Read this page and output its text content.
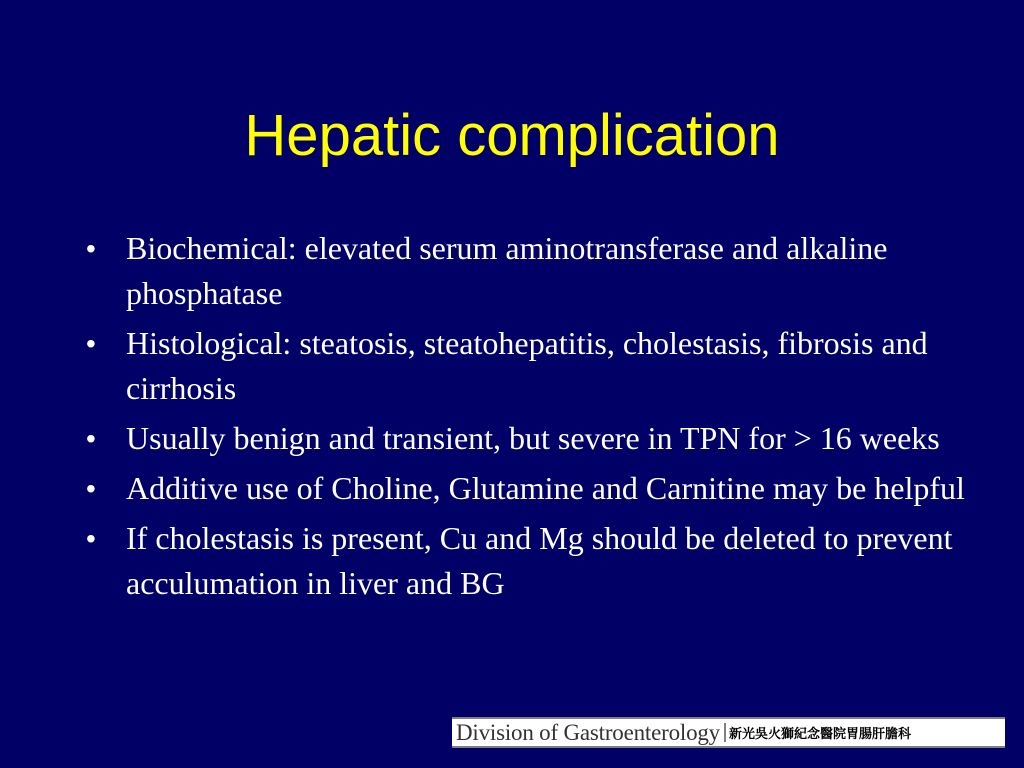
Hepatic complication
• Biochemical: elevated serum aminotransferase and alkaline phosphatase
• Histological: steatosis, steatohepatitis, cholestasis, fibrosis and cirrhosis
• Usually benign and transient, but severe in TPN for > 16 weeks
• Additive use of Choline, Glutamine and Carnitine may be helpful
• If cholestasis is present, Cu and Mg should be deleted to prevent acculumation in liver and BG
Division of Gastroenterology 新光吳火獅紀念醫院胃腸肝膽科
